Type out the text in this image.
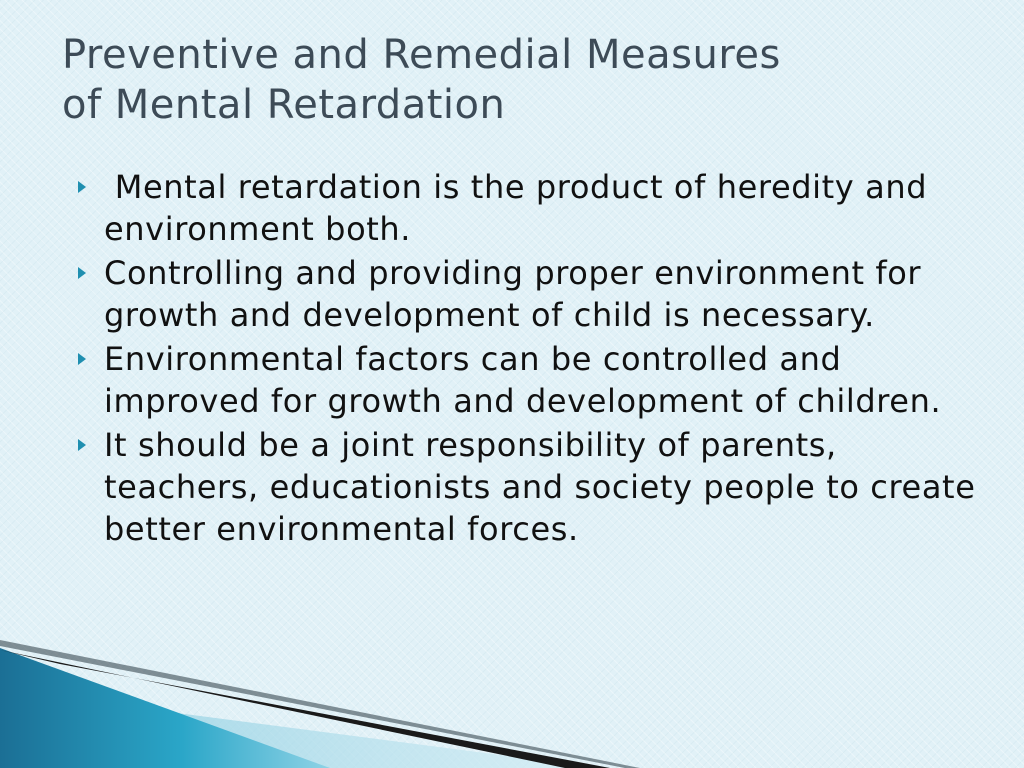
Preventive and Remedial Measures
of Mental Retardation
Mental retardation is the product of heredity and environment both.
Controlling and providing proper environment for growth and development of child is necessary.
Environmental factors can be controlled and improved for growth and development of children.
It should be a joint responsibility of parents, teachers, educationists and society people to create better environmental forces.
